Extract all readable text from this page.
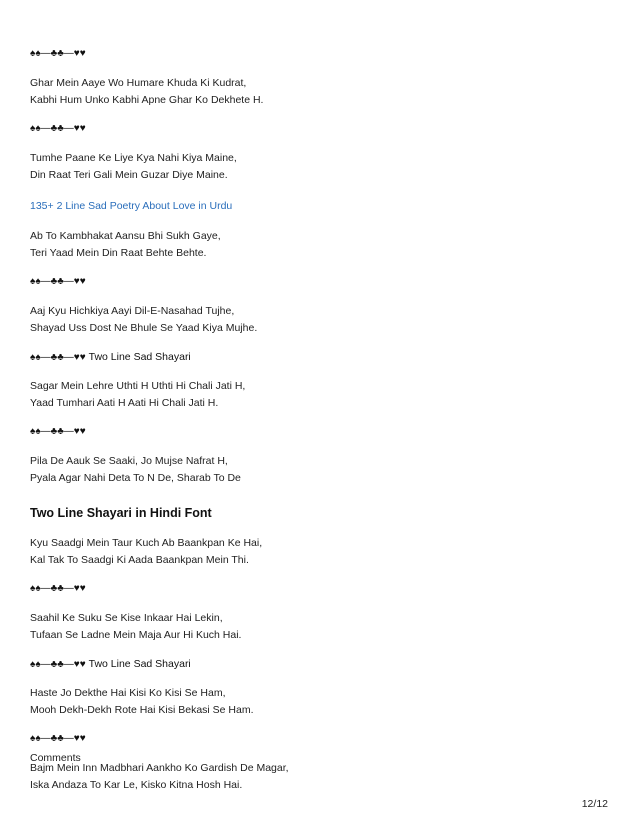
♠♠—♣♣—♥♥
Ghar Mein Aaye Wo Humare Khuda Ki Kudrat,
Kabhi Hum Unko Kabhi Apne Ghar Ko Dekhete H.
♠♠—♣♣—♥♥
Tumhe Paane Ke Liye Kya Nahi Kiya Maine,
Din Raat Teri Gali Mein Guzar Diye Maine.
135+ 2 Line Sad Poetry About Love in Urdu
Ab To Kambhakat Aansu Bhi Sukh Gaye,
Teri Yaad Mein Din Raat Behte Behte.
♠♠—♣♣—♥♥
Aaj Kyu Hichkiya Aayi Dil-E-Nasahad Tujhe,
Shayad Uss Dost Ne Bhule Se Yaad Kiya Mujhe.
♠♠—♣♣—♥♥ Two Line Sad Shayari
Sagar Mein Lehre Uthti H Uthti Hi Chali Jati H,
Yaad Tumhari Aati H Aati Hi Chali Jati H.
♠♠—♣♣—♥♥
Pila De Aauk Se Saaki, Jo Mujse Nafrat H,
Pyala Agar Nahi Deta To N De, Sharab To De
Two Line Shayari in Hindi Font
Kyu Saadgi Mein Taur Kuch Ab Baankpan Ke Hai,
Kal Tak To Saadgi Ki Aada Baankpan Mein Thi.
♠♠—♣♣—♥♥
Saahil Ke Suku Se Kise Inkaar Hai Lekin,
Tufaan Se Ladne Mein Maja Aur Hi Kuch Hai.
♠♠—♣♣—♥♥ Two Line Sad Shayari
Haste Jo Dekthe Hai Kisi Ko Kisi Se Ham,
Mooh Dekh-Dekh Rote Hai Kisi Bekasi Se Ham.
♠♠—♣♣—♥♥
Bajm Mein Inn Madbhari Aankho Ko Gardish De Magar,
Iska Andaza To Kar Le, Kisko Kitna Hosh Hai.
Comments
12/12
